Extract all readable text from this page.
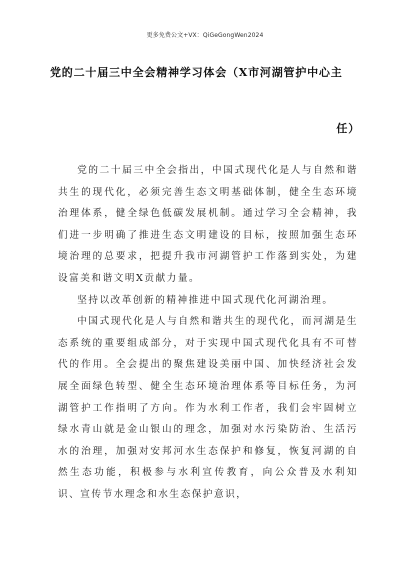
更多免费公文+VX：QiGeGongWen2024
党的二十届三中全会精神学习体会（X市河湖管护中心主
任）

党的二十届三中全会指出，中国式现代化是人与自然和谐共生的现代化，必须完善生态文明基础体制，健全生态环境治理体系，健全绿色低碳发展机制。通过学习全会精神，我们进一步明确了推进生态文明建设的目标，按照加强生态环境治理的总要求，把提升我市河湖管护工作落到实处，为建设富美和谐文明X贡献力量。

坚持以改革创新的精神推进中国式现代化河湖治理。

中国式现代化是人与自然和谐共生的现代化，而河湖是生态系统的重要组成部分，对于实现中国式现代化具有不可替代的作用。全会提出的聚焦建设美丽中国、加快经济社会发展全面绿色转型、健全生态环境治理体系等目标任务，为河湖管护工作指明了方向。作为水利工作者，我们会牢固树立绿水青山就是金山银山的理念，加强对水污染防治、生活污水的治理，加强对安邦河水生态保护和修复，恢复河湖的自然生态功能，积极参与水利宣传教育，向公众普及水利知识、宣传节水理念和水生态保护意识，
